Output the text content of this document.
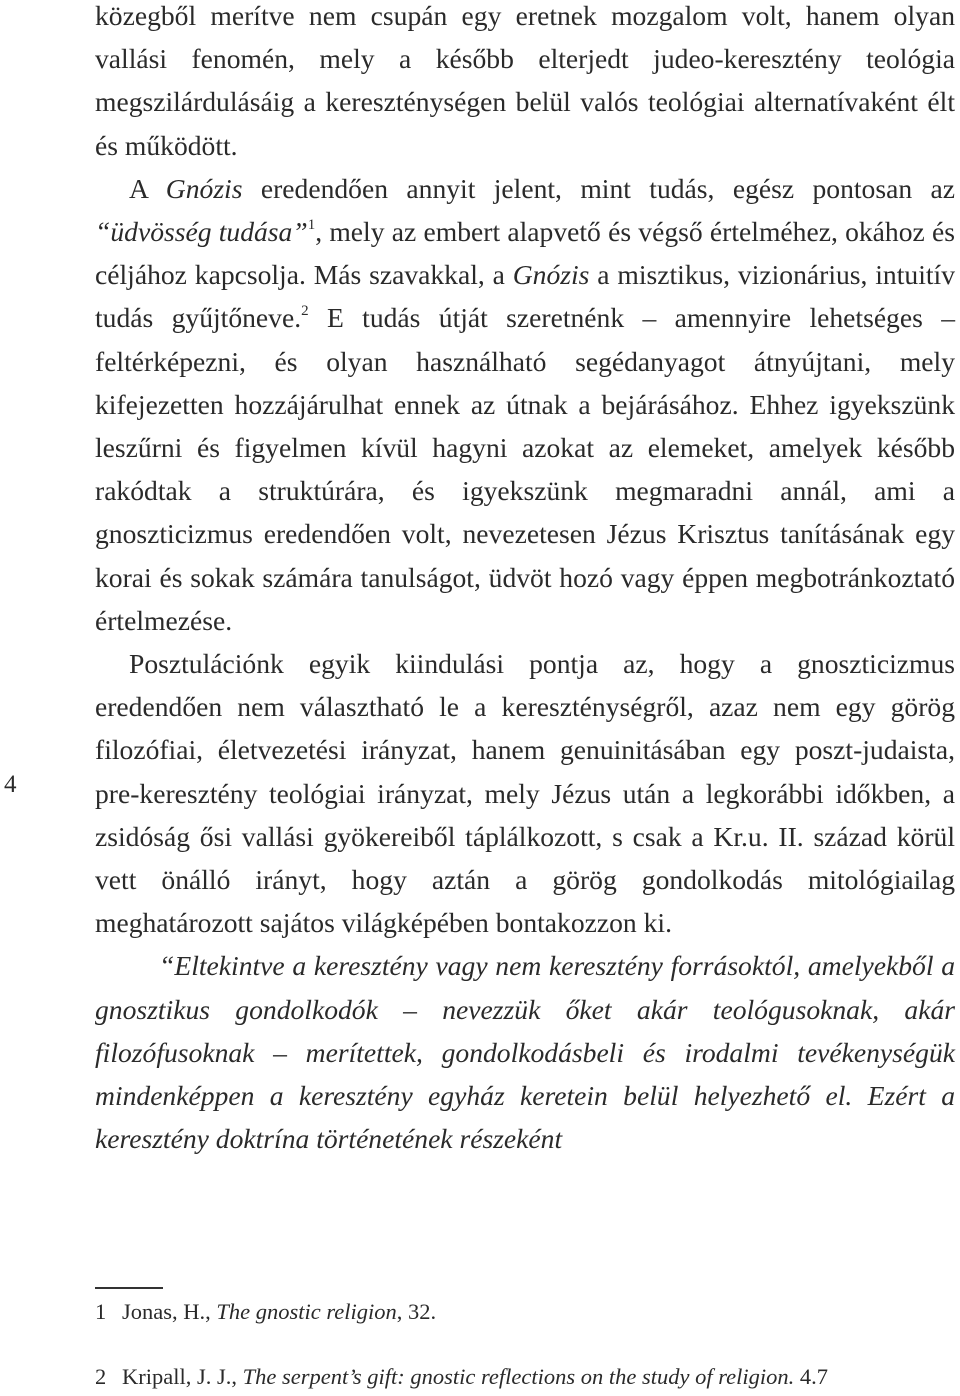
4

közegből merítve nem csupán egy eretnek mozgalom volt, hanem olyan vallási fenomén, mely a később elterjedt judeo-keresztény teológia megszilárdulásáig a kereszténységen belül valós teológiai alternatívaként élt és működött.

A Gnózis eredendően annyit jelent, mint tudás, egész pontosan az “üdvösség tudása”$^1$, mely az embert alapvető és végső értelméhez, okához és céljához kapcsolja. Más szavakkal, a Gnózis a misztikus, vizionárius, intuitív tudás gyűjtőneve.$^2$ E tudás útját szeretnénk – amennyire lehetséges – feltérképezni, és olyan használható segédanyagot átnyújtani, mely kifejezetten hozzájárulhat ennek az útnak a bejárásához. Ehhez igyekszünk leszűrni és figyelmen kívül hagyni azokat az elemeket, amelyek később rakódtak a struktúrára, és igyekszünk megmaradni annál, ami a gnoszticizmus eredendően volt, nevezetesen Jézus Krisztus tanításának egy korai és sokak számára tanulságot, üdvöt hozó vagy éppen megbotránkoztató értelmezése.

Posztulációnk egyik kiindulási pontja az, hogy a gnoszticizmus eredendően nem választható le a kereszténységről, azaz nem egy görög filozófiai, életvezetési irányzat, hanem genuinitásában egy poszt-judaista, pre-keresztény teológiai irányzat, mely Jézus után a legkorábbi időkben, a zsidóság ősi vallási gyökereiből táplálkozott, s csak a Kr.u. II. század körül vett önálló irányt, hogy aztán a görög gondolkodás mitológiailag meghatározott sajátos világképében bontakozzon ki.

“Eltekintve a keresztény vagy nem keresztény forrásoktól, amelyekből a gnosztikus gondolkodók – nevezzük őket akár teológusoknak, akár filozófusoknak – merítettek, gondolkodásbeli és irodalmi tevékenységük mindenképpen a keresztény egyház keretein belül helyezhető el. Ezért a keresztény doktrína történetének részeként

1 Jonas, H., The gnostic religion, 32.
2 Kripall, J. J., The serpent’s gift: gnostic reflections on the study of religion. 4.7
